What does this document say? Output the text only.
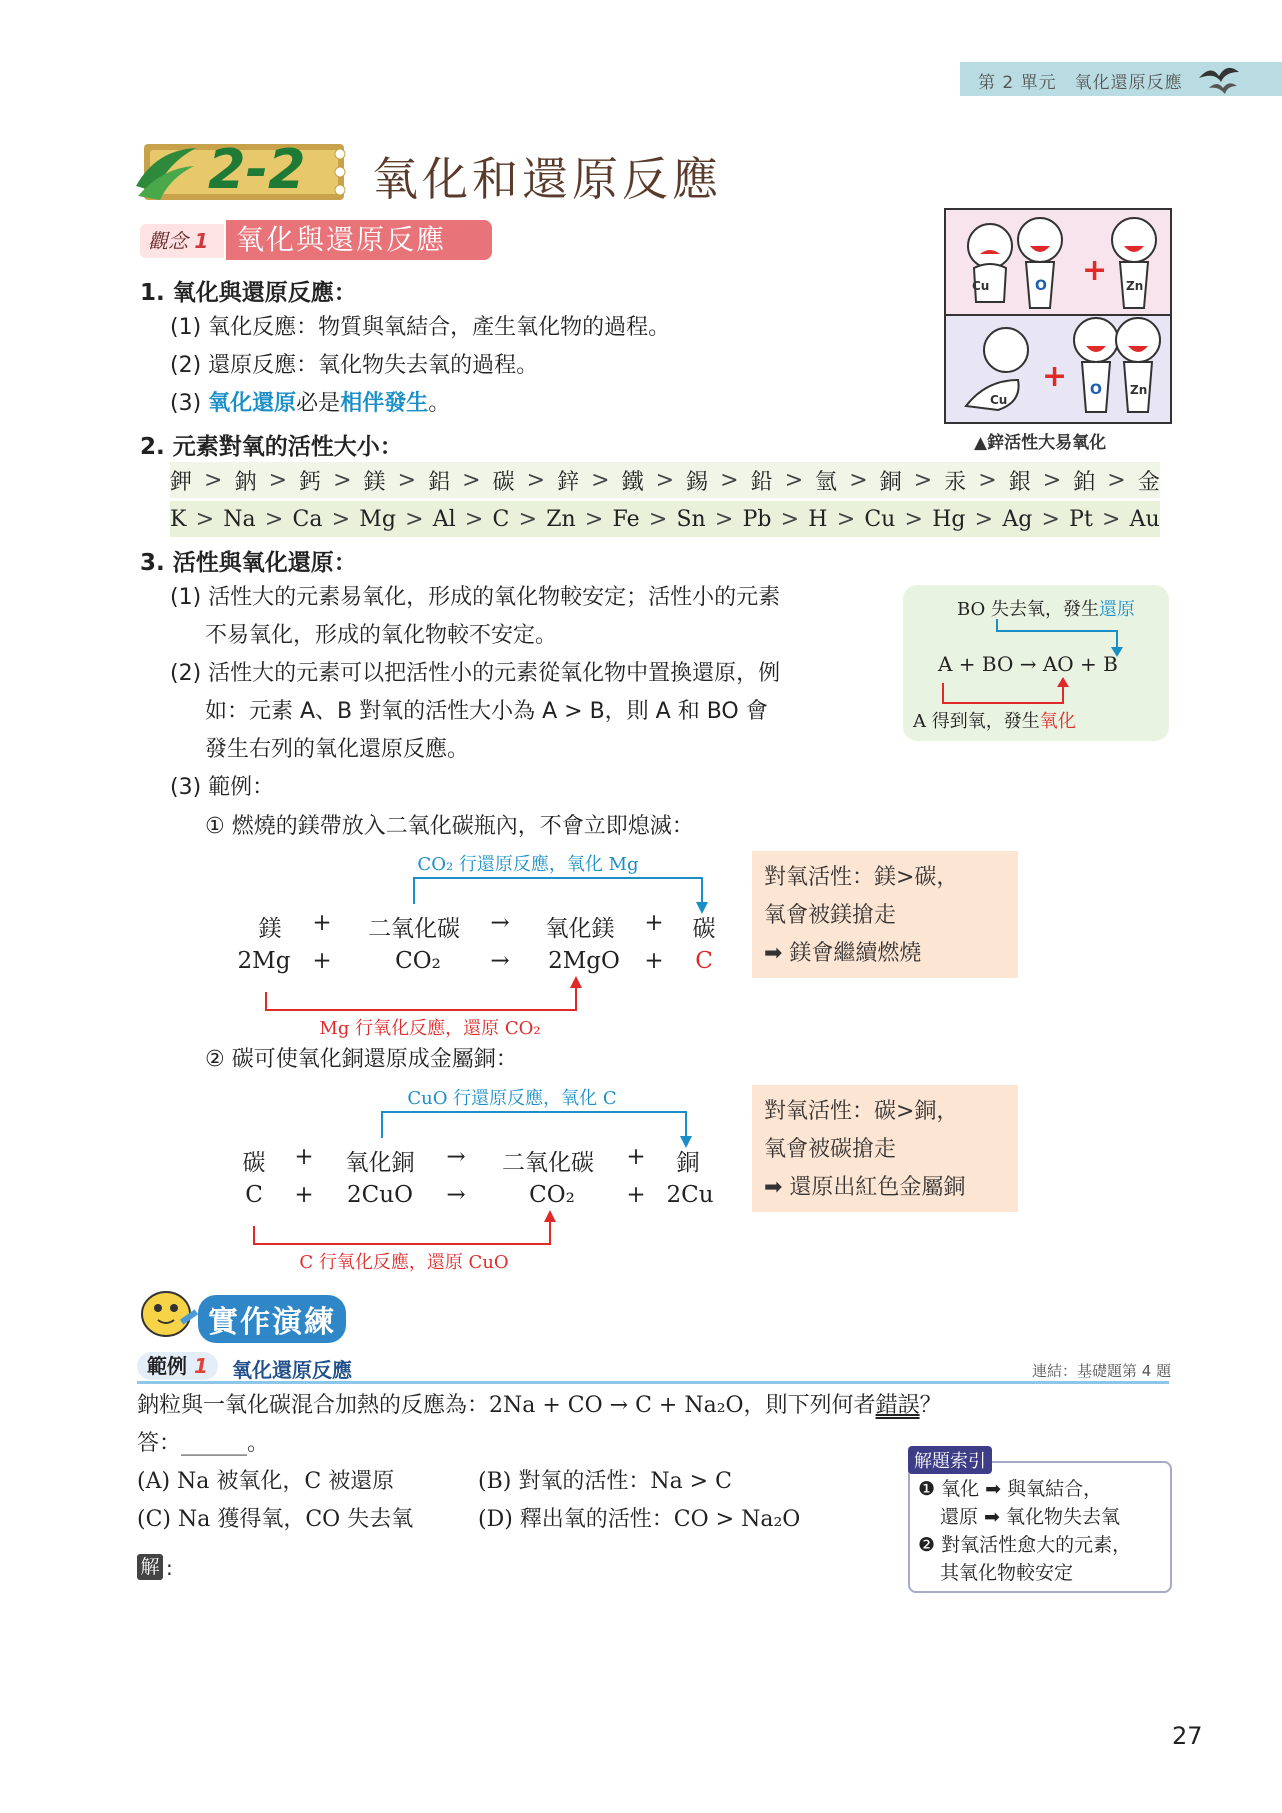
第 2 單元 氧化還原反應
2-2 氧化和還原反應
觀念 1 氧化與還原反應
1. 氧化與還原反應：
(1) 氧化反應：物質與氧結合，產生氧化物的過程。
(2) 還原反應：氧化物失去氧的過程。
(3) 氧化還原必是相伴發生。
2. 元素對氧的活性大小：
鉀 > 鈉 > 鈣 > 鎂 > 鋁 > 碳 > 鋅 > 鐵 > 錫 > 鉛 > 氫 > 銅 > 汞 > 銀 > 鉑 > 金
K > Na > Ca > Mg > Al > C > Zn > Fe > Sn > Pb > H > Cu > Hg > Ag > Pt > Au
Cu	O + Zn
Cu
+ O Zn
▲鋅活性大易氧化
3. 活性與氧化還原：
(1) 活性大的元素易氧化，形成的氧化物較安定；活性小的元素
不易氧化，形成的氧化物較不安定。
(2) 活性大的元素可以把活性小的元素從氧化物中置換還原，例
如：元素 A、B 對氧的活性大小為 A > B，則 A 和 BO 會
發生右列的氧化還原反應。
(3) 範例：
BO 失去氧，發生還原
A + BO → AO + B
A 得到氧，發生氧化
① 燃燒的鎂帶放入二氧化碳瓶內，不會立即熄滅：
CO₂ 行還原反應，氧化 Mg
鎂 + 二氧化碳 → 氧化鎂 + 碳
2Mg +	CO₂ → 2MgO + C
Mg 行氧化反應，還原 CO₂
對氧活性：鎂>碳，
氧會被鎂搶走
➡ 鎂會繼續燃燒
② 碳可使氧化銅還原成金屬銅：
CuO 行還原反應，氧化 C
碳 + 氧化銅 → 二氧化碳 + 銅
C + 2CuO →	CO₂ + 2Cu
C 行氧化反應，還原 CuO
對氧活性：碳>銅，
氧會被碳搶走
➡ 還原出紅色金屬銅
實作演練
範例 1	氧化還原反應	連結：基礎題第 4 題
鈉粒與一氧化碳混合加熱的反應為：2Na + CO → C + Na₂O，則下列何者錯誤？
答：______。
(A) Na 被氧化，C 被還原	(B) 對氧的活性：Na > C
(C) Na 獲得氧，CO 失去氧	(D) 釋出氧的活性：CO > Na₂O
解 :
❶ 氧化 ➡ 與氧結合，
還原 ➡ 氧化物失去氧
❷ 對氧活性愈大的元素，
其氧化物較安定
解題索引
27
